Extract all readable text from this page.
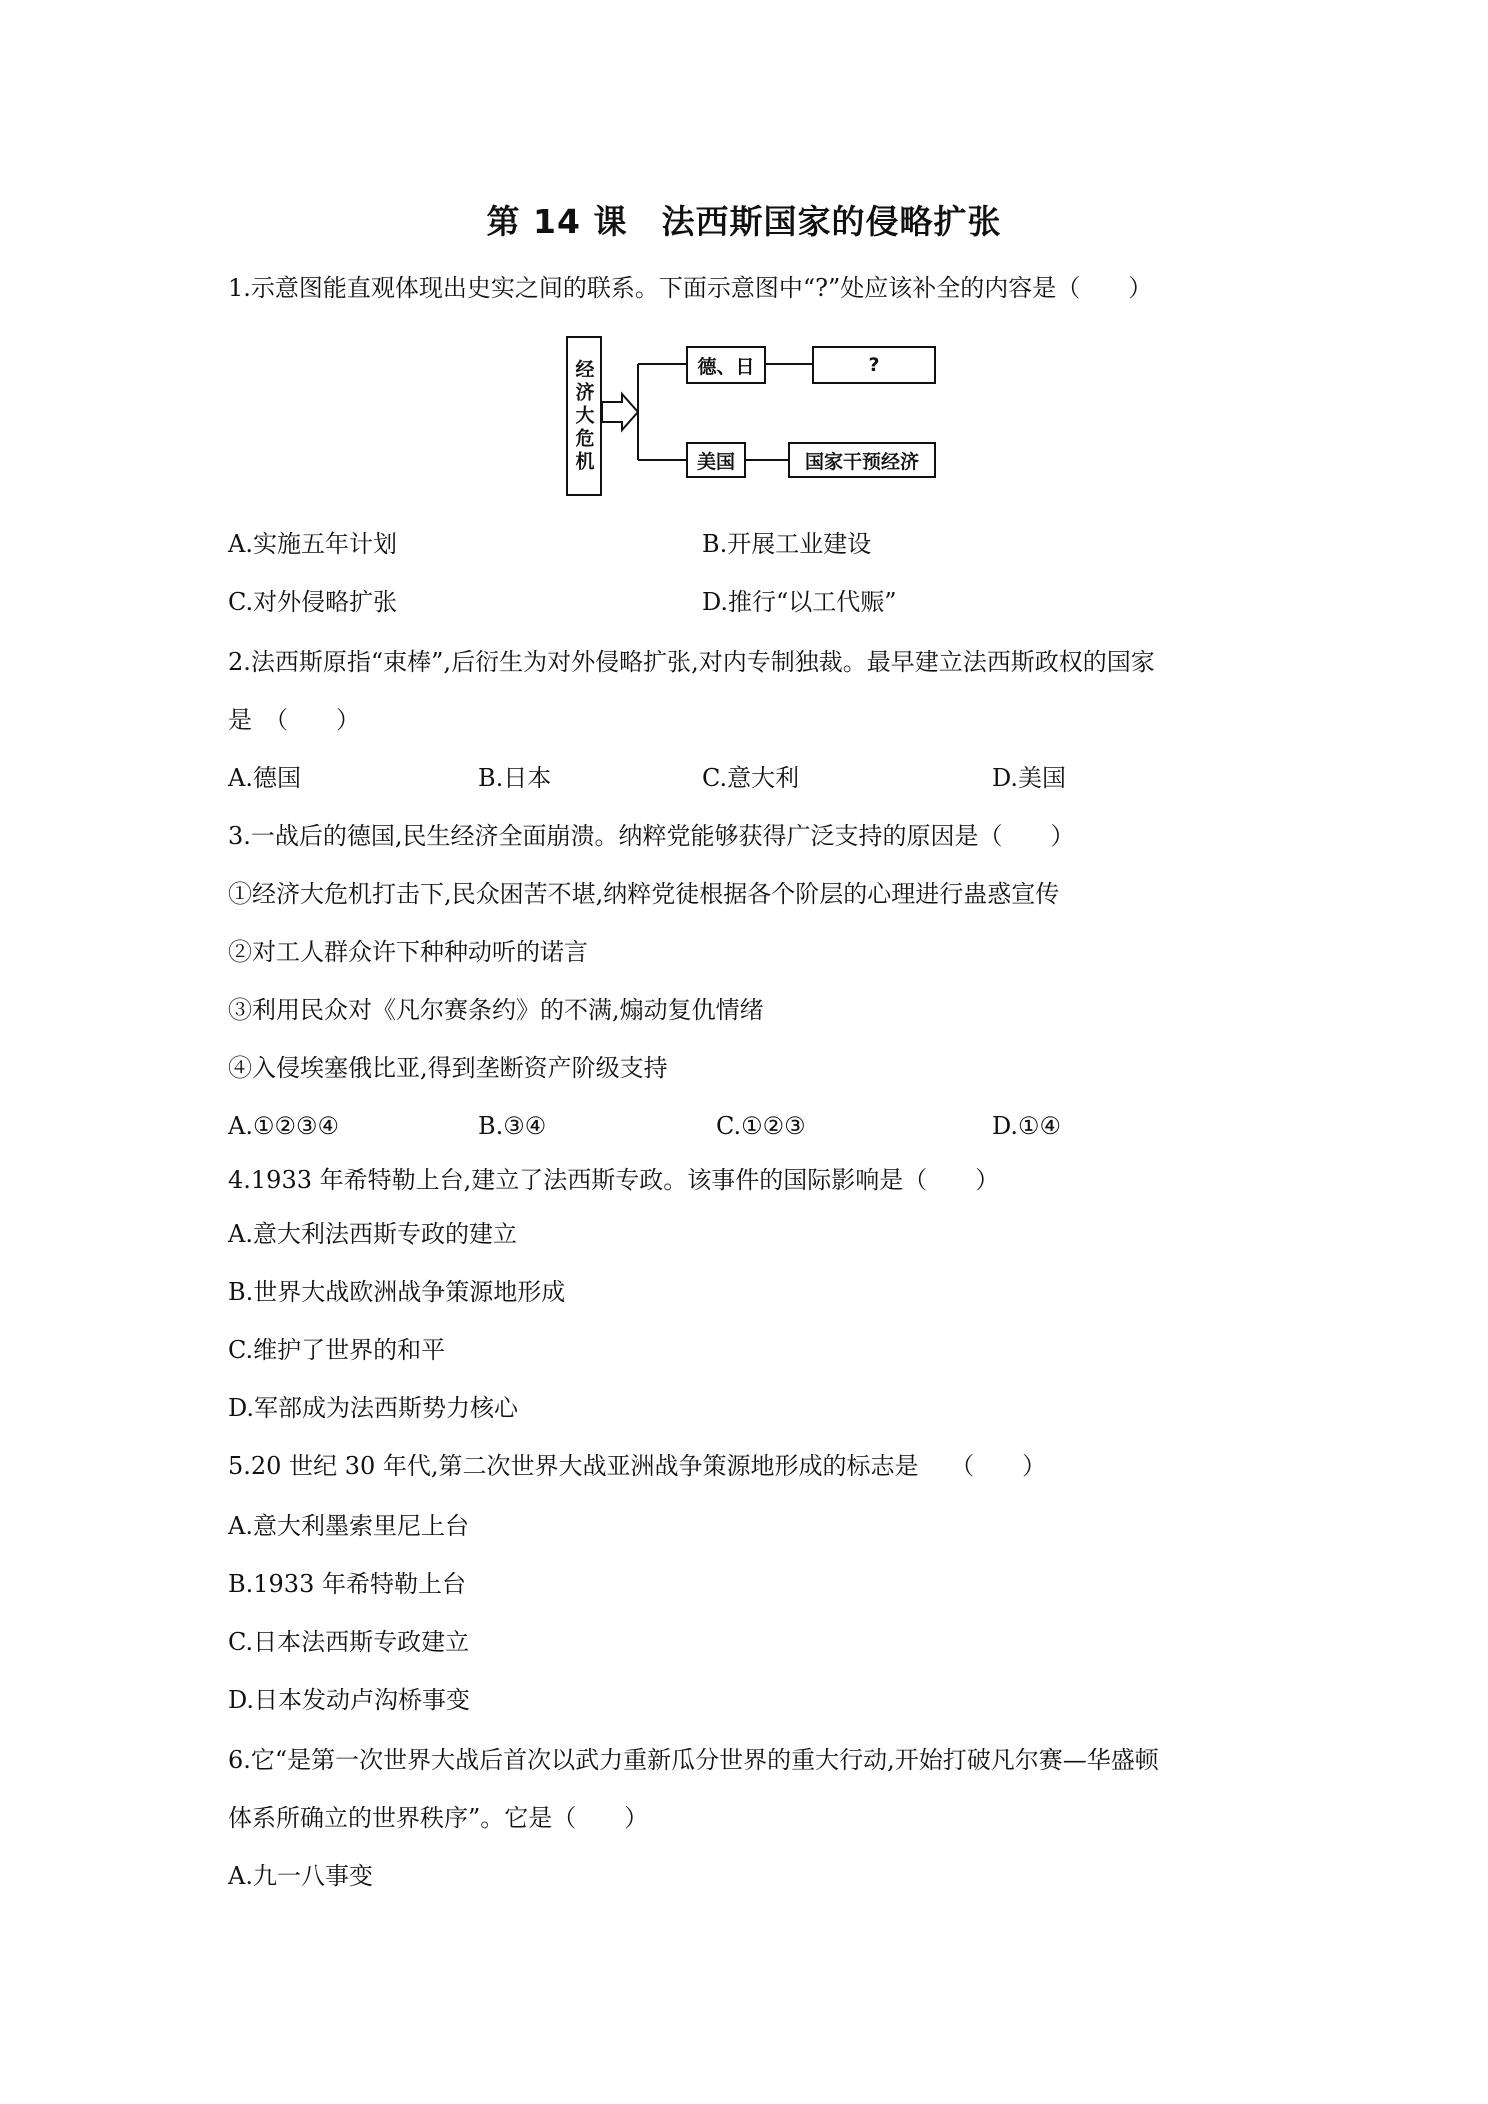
第 14 课　法西斯国家的侵略扩张
1.示意图能直观体现出史实之间的联系。下面示意图中“?”处应该补全的内容是（　　）
经济大危机	德、日	?
美国	国家干预经济
A.实施五年计划	B.开展工业建设
C.对外侵略扩张	D.推行“以工代赈”
2.法西斯原指“束棒”,后衍生为对外侵略扩张,对内专制独裁。最早建立法西斯政权的国家
是　（　　）
A.德国	B.日本	C.意大利	D.美国
3.一战后的德国,民生经济全面崩溃。纳粹党能够获得广泛支持的原因是（　　）
①经济大危机打击下,民众困苦不堪,纳粹党徒根据各个阶层的心理进行蛊惑宣传
②对工人群众许下种种动听的诺言
③利用民众对《凡尔赛条约》的不满,煽动复仇情绪
④入侵埃塞俄比亚,得到垄断资产阶级支持
A.①②③④	B.③④	C.①②③	D.①④
4.1933 年希特勒上台,建立了法西斯专政。该事件的国际影响是（　　）
A.意大利法西斯专政的建立
B.世界大战欧洲战争策源地形成
C.维护了世界的和平
D.军部成为法西斯势力核心
5.20 世纪 30 年代,第二次世界大战亚洲战争策源地形成的标志是　 （　　）
A.意大利墨索里尼上台
B.1933 年希特勒上台
C.日本法西斯专政建立
D.日本发动卢沟桥事变
6.它“是第一次世界大战后首次以武力重新瓜分世界的重大行动,开始打破凡尔赛—华盛顿
体系所确立的世界秩序”。它是（　　）
A.九一八事变
